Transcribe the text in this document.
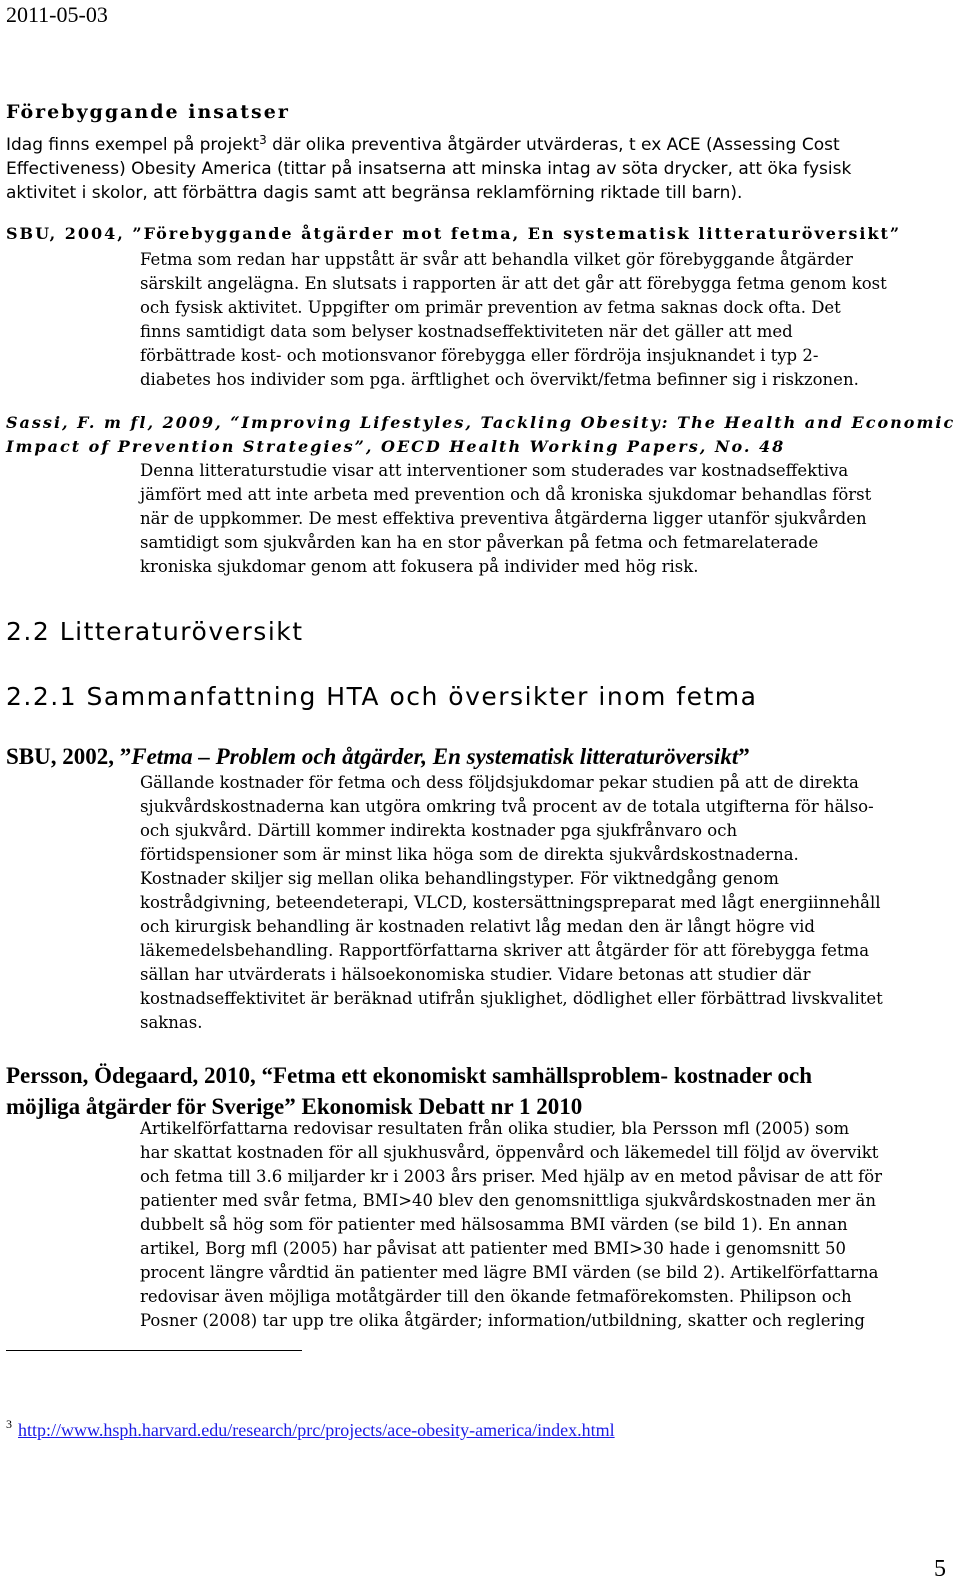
2011-05-03
Förebyggande insatser
Idag finns exempel på projekt$^3$ där olika preventiva åtgärder utvärderas, t ex ACE (Assessing Cost
Effectiveness) Obesity America (tittar på insatserna att minska intag av söta drycker, att öka fysisk
aktivitet i skolor, att förbättra dagis samt att begränsa reklamförning riktade till barn).
SBU, 2004, ”Förebyggande åtgärder mot fetma, En systematisk litteraturöversikt”
Fetma som redan har uppstått är svår att behandla vilket gör förebyggande åtgärder
särskilt angelägna. En slutsats i rapporten är att det går att förebygga fetma genom kost
och fysisk aktivitet. Uppgifter om primär prevention av fetma saknas dock ofta. Det
finns samtidigt data som belyser kostnadseffektiviteten när det gäller att med
förbättrade kost- och motionsvanor förebygga eller fördröja insjuknandet i typ 2-
diabetes hos individer som pga. ärftlighet och övervikt/fetma befinner sig i riskzonen.
Sassi, F. m fl, 2009, “Improving Lifestyles, Tackling Obesity: The Health and Economic
Impact of Prevention Strategies”, OECD Health Working Papers, No. 48
Denna litteraturstudie visar att interventioner som studerades var kostnadseffektiva
jämfört med att inte arbeta med prevention och då kroniska sjukdomar behandlas först
när de uppkommer. De mest effektiva preventiva åtgärderna ligger utanför sjukvården
samtidigt som sjukvården kan ha en stor påverkan på fetma och fetmarelaterade
kroniska sjukdomar genom att fokusera på individer med hög risk.
2.2 Litteraturöversikt
2.2.1 Sammanfattning HTA och översikter inom fetma
SBU, 2002, ”Fetma – Problem och åtgärder, En systematisk litteraturöversikt”
Gällande kostnader för fetma och dess följdsjukdomar pekar studien på att de direkta
sjukvårdskostnaderna kan utgöra omkring två procent av de totala utgifterna för hälso-
och sjukvård. Därtill kommer indirekta kostnader pga sjukfrånvaro och
förtidspensioner som är minst lika höga som de direkta sjukvårdskostnaderna.
Kostnader skiljer sig mellan olika behandlingstyper. För viktnedgång genom
kostrådgivning, beteendeterapi, VLCD, kostersättningspreparat med lågt energiinnehåll
och kirurgisk behandling är kostnaden relativt låg medan den är långt högre vid
läkemedelsbehandling. Rapportförfattarna skriver att åtgärder för att förebygga fetma
sällan har utvärderats i hälsoekonomiska studier. Vidare betonas att studier där
kostnadseffektivitet är beräknad utifrån sjuklighet, dödlighet eller förbättrad livskvalitet
saknas.
Persson, Ödegaard, 2010, “Fetma ett ekonomiskt samhällsproblem- kostnader och
möjliga åtgärder för Sverige” Ekonomisk Debatt nr 1 2010
Artikelförfattarna redovisar resultaten från olika studier, bla Persson mfl (2005) som
har skattat kostnaden för all sjukhusvård, öppenvård och läkemedel till följd av övervikt
och fetma till 3.6 miljarder kr i 2003 års priser. Med hjälp av en metod påvisar de att för
patienter med svår fetma, BMI>40 blev den genomsnittliga sjukvårdskostnaden mer än
dubbelt så hög som för patienter med hälsosamma BMI värden (se bild 1). En annan
artikel, Borg mfl (2005) har påvisat att patienter med BMI>30 hade i genomsnitt 50
procent längre vårdtid än patienter med lägre BMI värden (se bild 2). Artikelförfattarna
redovisar även möjliga motåtgärder till den ökande fetmaförekomsten. Philipson och
Posner (2008) tar upp tre olika åtgärder; information/utbildning, skatter och reglering
$^3$ http://www.hsph.harvard.edu/research/prc/projects/ace-obesity-america/index.html
5
